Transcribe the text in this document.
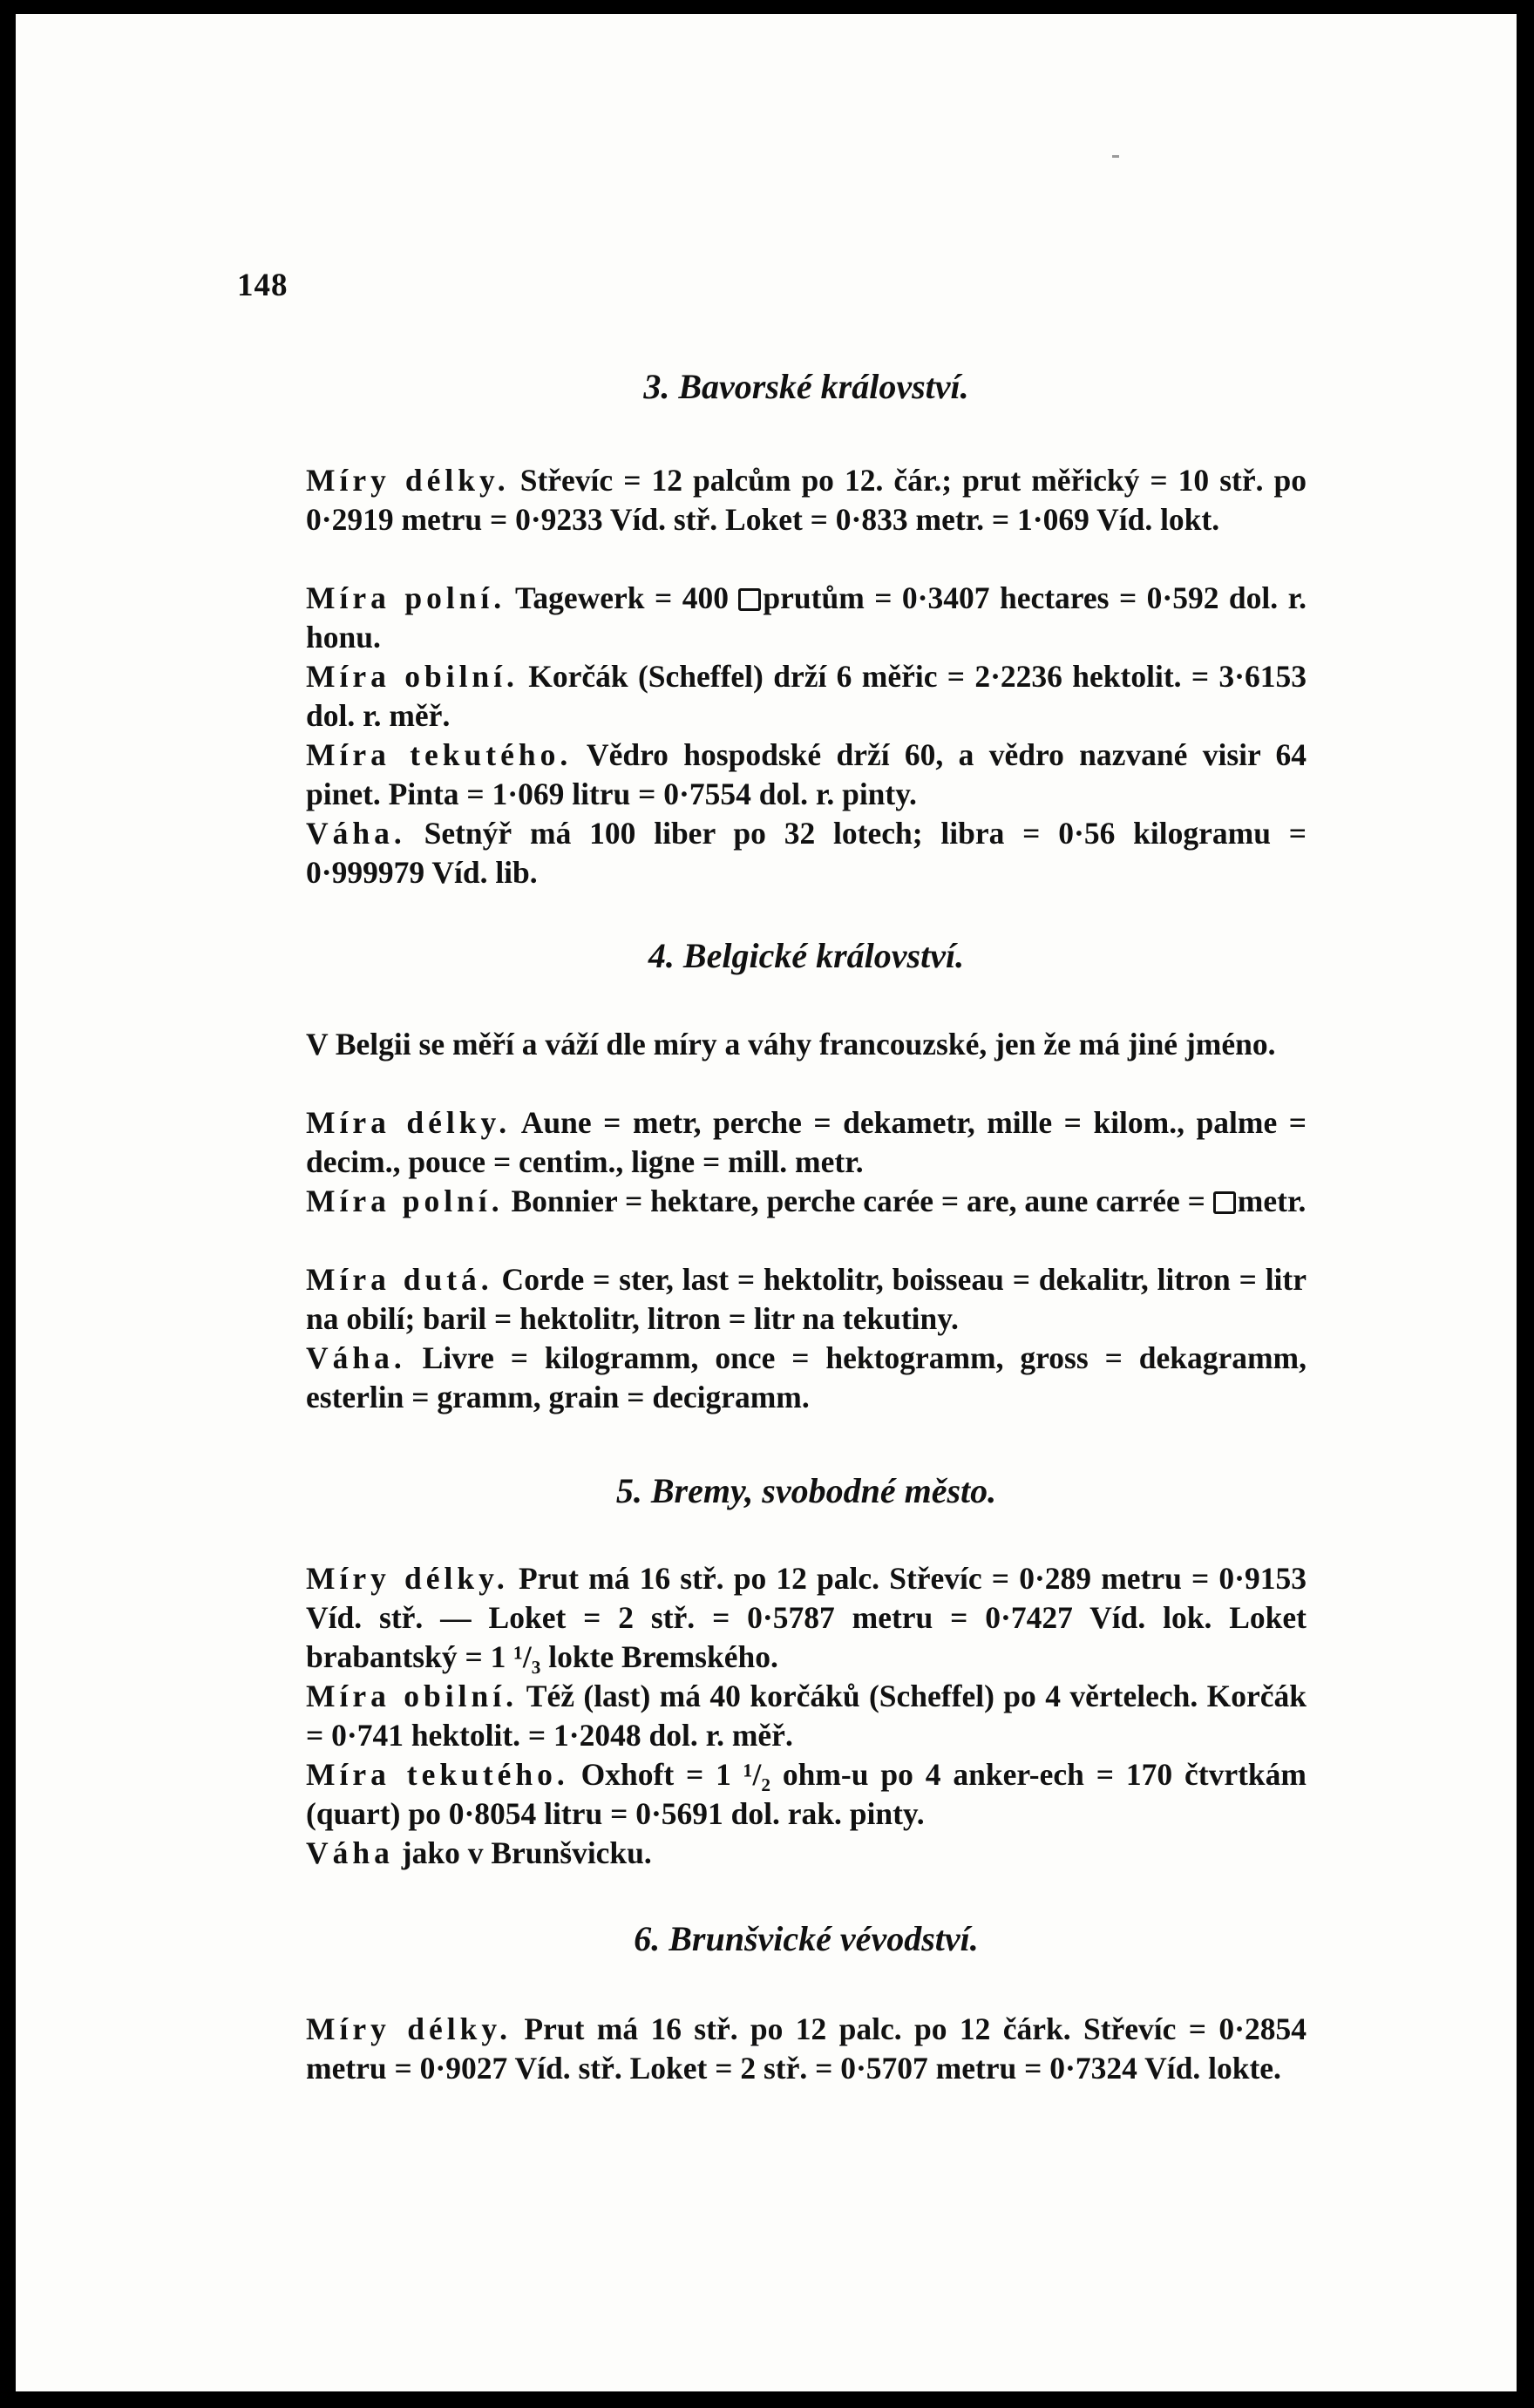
148
3. Bavorské království.
Míry délky. Střevíc = 12 palcům po 12. čár.; prut měřický = 10 stř. po 0·2919 metru = 0·9233 Víd. stř. Loket = 0·833 metr. = 1·069 Víd. lokt.
Míra polní. Tagewerk = 400 prutům = 0·3407 hectares = 0·592 dol. r. honu.
Míra obilní. Korčák (Scheffel) drží 6 měřic = 2·2236 hektolit. = 3·6153 dol. r. měř.
Míra tekutého. Vědro hospodské drží 60, a vědro nazvané visir 64 pinet. Pinta = 1·069 litru = 0·7554 dol. r. pinty.
Váha. Setnýř má 100 liber po 32 lotech; libra = 0·56 kilogramu = 0·999979 Víd. lib.
4. Belgické království.
V Belgii se měří a váží dle míry a váhy francouzské, jen že má jiné jméno.
Míra délky. Aune = metr, perche = dekametr, mille = kilom., palme = decim., pouce = centim., ligne = mill. metr.
Míra polní. Bonnier = hektare, perche carée = are, aune carrée = metr.
Míra dutá. Corde = ster, last = hektolitr, boisseau = dekalitr, litron = litr na obilí; baril = hektolitr, litron = litr na tekutiny.
Váha. Livre = kilogramm, once = hektogramm, gross = dekagramm, esterlin = gramm, grain = decigramm.
5. Bremy, svobodné město.
Míry délky. Prut má 16 stř. po 12 palc. Střevíc = 0·289 metru = 0·9153 Víd. stř. — Loket = 2 stř. = 0·5787 metru = 0·7427 Víd. lok. Loket brabantský = 1 ¹/₃ lokte Bremského.
Míra obilní. Též (last) má 40 korčáků (Scheffel) po 4 věrtelech. Korčák = 0·741 hektolit. = 1·2048 dol. r. měř.
Míra tekutého. Oxhoft = 1 ¹/₂ ohm-u po 4 anker-ech = 170 čtvrtkám (quart) po 0·8054 litru = 0·5691 dol. rak. pinty.
Váha jako v Brunšvicku.
6. Brunšvické vévodství.
Míry délky. Prut má 16 stř. po 12 palc. po 12 čárk. Střevíc = 0·2854 metru = 0·9027 Víd. stř. Loket = 2 stř. = 0·5707 metru = 0·7324 Víd. lokte.
